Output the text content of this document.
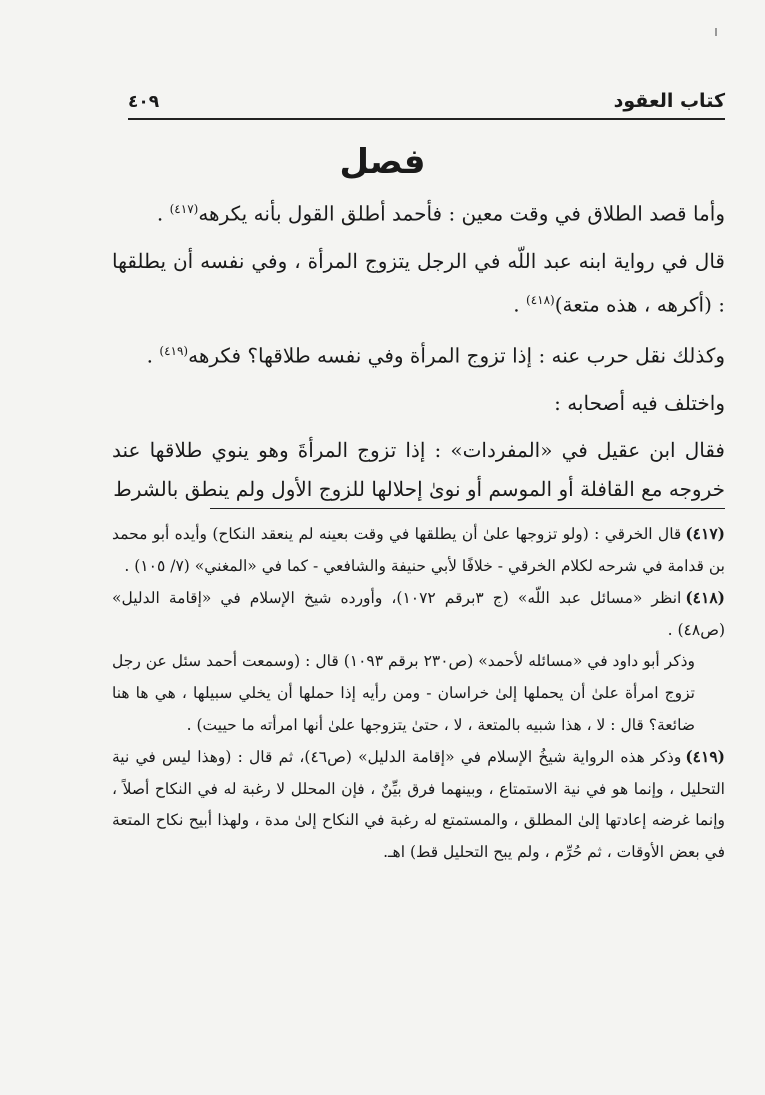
كتاب العقود
٤٠٩
فصل

وأما قصد الطلاق في وقت معين : فأحمد أطلق القول بأنه يكرهه$^{(٤١٧)}$ .

قال في رواية ابنه عبد اللّه في الرجل يتزوج المرأة ، وفي نفسه أن يطلقها : (أكرهه ، هذه متعة)$^{(٤١٨)}$ .

وكذلك نقل حرب عنه : إذا تزوج المرأة وفي نفسه طلاقها؟ فكرهه$^{(٤١٩)}$ .

واختلف فيه أصحابه :

فقال ابن عقيل في «المفردات» : إذا تزوج المرأةَ وهو ينوي طلاقها عند خروجه مع القافلة أو الموسم أو نوىٰ إحلالها للزوج الأول ولم ينطق بالشرط

(٤١٧)قال الخرقي : (ولو تزوجها علىٰ أن يطلقها في وقت بعينه لم ينعقد النكاح) وأيده أبو محمد بن قدامة في شرحه لكلام الخرقي - خلافًا لأبي حنيفة والشافعي - كما في «المغني» (٧/ ١٠٥) .

(٤١٨)انظر «مسائل عبد اللّه» (ج ٣برقم ١٠٧٢)، وأورده شيخ الإسلام في «إقامة الدليل» (ص٤٨) .

وذكر أبو داود في «مسائله لأحمد» (ص٢٣٠ برقم ١٠٩٣) قال : (وسمعت أحمد سئل عن رجل تزوج امرأة علىٰ أن يحملها إلىٰ خراسان - ومن رأيه إذا حملها أن يخلي سبيلها ، هي ها هنا ضائعة؟ قال : لا ، هذا شبيه بالمتعة ، لا ، حتىٰ يتزوجها علىٰ أنها امرأته ما حييت) .

(٤١٩)وذكر هذه الرواية شيخُ الإسلام في «إقامة الدليل» (ص٤٦)، ثم قال : (وهذا ليس في نية التحليل ، وإنما هو في نية الاستمتاع ، وبينهما فرق بيِّنٌ ، فإن المحلل لا رغبة له في النكاح أصلاً ، وإنما غرضه إعادتها إلىٰ المطلق ، والمستمتع له رغبة في النكاح إلىٰ مدة ، ولهذا أبيح نكاح المتعة في بعض الأوقات ، ثم حُرِّم ، ولم يبح التحليل قط) اهـ.
